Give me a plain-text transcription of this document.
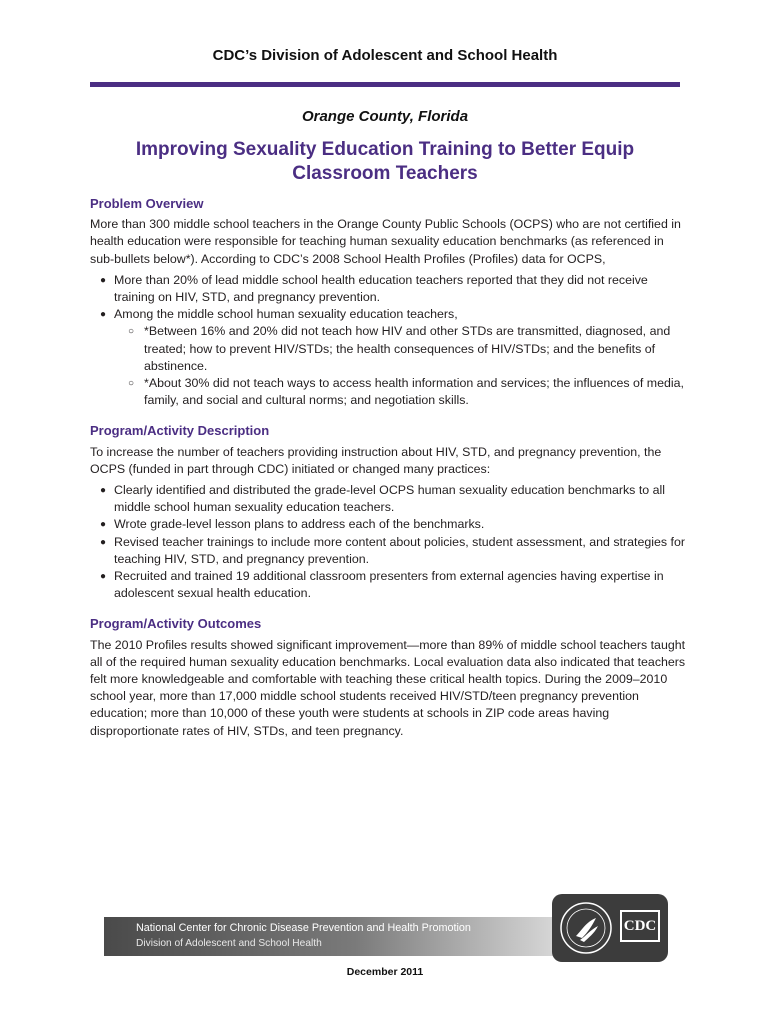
CDC’s Division of Adolescent and School Health
Orange County, Florida
Improving Sexuality Education Training to Better Equip Classroom Teachers
Problem Overview

More than 300 middle school teachers in the Orange County Public Schools (OCPS) who are not certified in health education were responsible for teaching human sexuality education benchmarks (as referenced in sub-bullets below*). According to CDC’s 2008 School Health Profiles (Profiles) data for OCPS,

● More than 20% of lead middle school health education teachers reported that they did not receive training on HIV, STD, and pregnancy prevention.
● Among the middle school human sexuality education teachers,
○ *Between 16% and 20% did not teach how HIV and other STDs are transmitted, diagnosed, and treated; how to prevent HIV/STDs; the health consequences of HIV/STDs; and the benefits of abstinence.
○ *About 30% did not teach ways to access health information and services; the influences of media, family, and social and cultural norms; and negotiation skills.
Program/Activity Description

To increase the number of teachers providing instruction about HIV, STD, and pregnancy prevention, the OCPS (funded in part through CDC) initiated or changed many practices:

● Clearly identified and distributed the grade-level OCPS human sexuality education benchmarks to all middle school human sexuality education teachers.
● Wrote grade-level lesson plans to address each of the benchmarks.
● Revised teacher trainings to include more content about policies, student assessment, and strategies for teaching HIV, STD, and pregnancy prevention.
● Recruited and trained 19 additional classroom presenters from external agencies having expertise in adolescent sexual health education.
Program/Activity Outcomes

The 2010 Profiles results showed significant improvement—more than 89% of middle school teachers taught all of the required human sexuality education benchmarks. Local evaluation data also indicated that teachers felt more knowledgeable and comfortable with teaching these critical health topics. During the 2009–2010 school year, more than 17,000 middle school students received HIV/STD/teen pregnancy prevention education; more than 10,000 of these youth were students at schools in ZIP code areas having disproportionate rates of HIV, STDs, and teen pregnancy.

National Center for Chronic Disease Prevention and Health Promotion
Division of Adolescent and School Health
CDC
December 2011
